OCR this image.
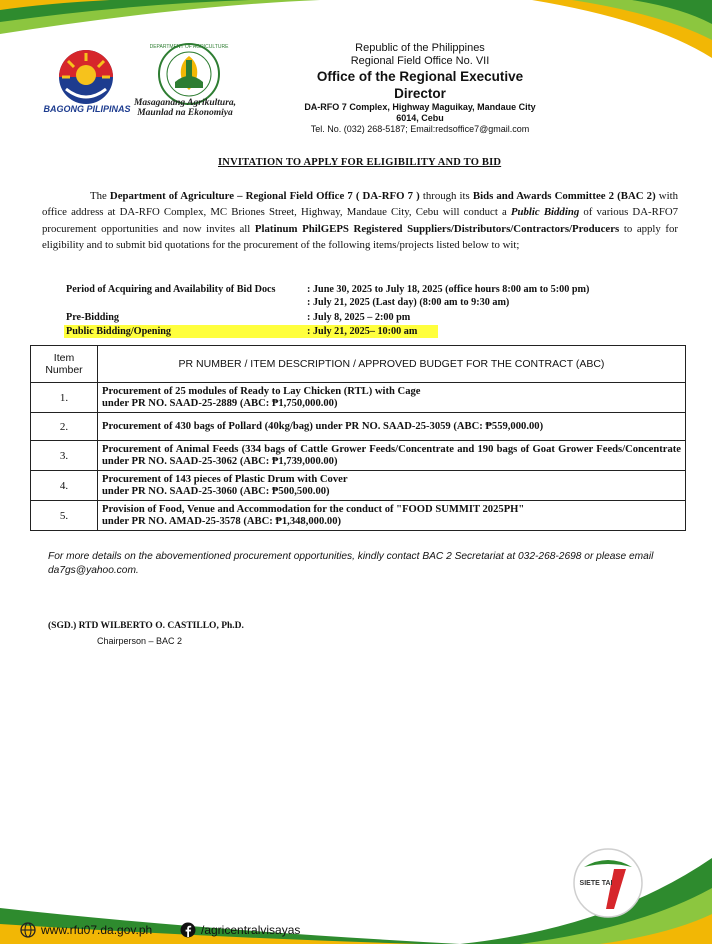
BAGONG PILIPINAS
DEPARTMENT OF AGRICULTURE
Masaganang Agrikultura,
Maunlad na Ekonomiya
Republic of the Philippines
Regional Field Office No. VII
Office of the Regional Executive Director
DA-RFO 7 Complex, Highway Maguikay, Mandaue City 6014, Cebu
Tel. No. (032) 268-5187; Email:redsoffice7@gmail.com
INVITATION TO APPLY FOR ELIGIBILITY AND TO BID
The Department of Agriculture – Regional Field Office 7 ( DA-RFO 7 ) through its Bids and Awards Committee 2 (BAC 2) with office address at DA-RFO Complex, MC Briones Street, Highway, Mandaue City, Cebu will conduct a Public Bidding of various DA-RFO7 procurement opportunities and now invites all Platinum PhilGEPS Registered Suppliers/Distributors/Contractors/Producers to apply for eligibility and to submit bid quotations for the procurement of the following items/projects listed below to wit;
Period of Acquiring and Availability of Bid Docs	: June 30, 2025 to July 18, 2025 (office hours 8:00 am to 5:00 pm)
: July 21, 2025 (Last day) (8:00 am to 9:30 am)
Pre-Bidding	: July 8, 2025 – 2:00 pm
Public Bidding/Opening	: July 21, 2025– 10:00 am
Item
Number	PR NUMBER / ITEM DESCRIPTION / APPROVED BUDGET FOR THE CONTRACT (ABC)
1.	Procurement of 25 modules of Ready to Lay Chicken (RTL) with Cage
under PR NO. SAAD-25-2889 (ABC: ₱1,750,000.00)

2.	Procurement of 430 bags of Pollard (40kg/bag) under PR NO. SAAD-25-3059 (ABC: ₱559,000.00)

3.	Procurement of Animal Feeds (334 bags of Cattle Grower Feeds/Concentrate and 190 bags of Goat Grower Feeds/Concentrate under PR NO. SAAD-25-3062 (ABC: ₱1,739,000.00)

4.	Procurement of 143 pieces of Plastic Drum with Cover
under PR NO. SAAD-25-3060 (ABC: ₱500,500.00)

5.	Provision of Food, Venue and Accommodation for the conduct of "FOOD SUMMIT 2025PH"
under PR NO. AMAD-25-3578 (ABC: ₱1,348,000.00)
For more details on the abovementioned procurement opportunities, kindly contact BAC 2 Secretariat at 032-268-2698 or please email da7gs@yahoo.com.
(SGD.) RTD WILBERTO O. CASTILLO, Ph.D.
Chairperson – BAC 2
SIETE TAI
www.rfu07.da.gov.ph	/agricentralvisayas
